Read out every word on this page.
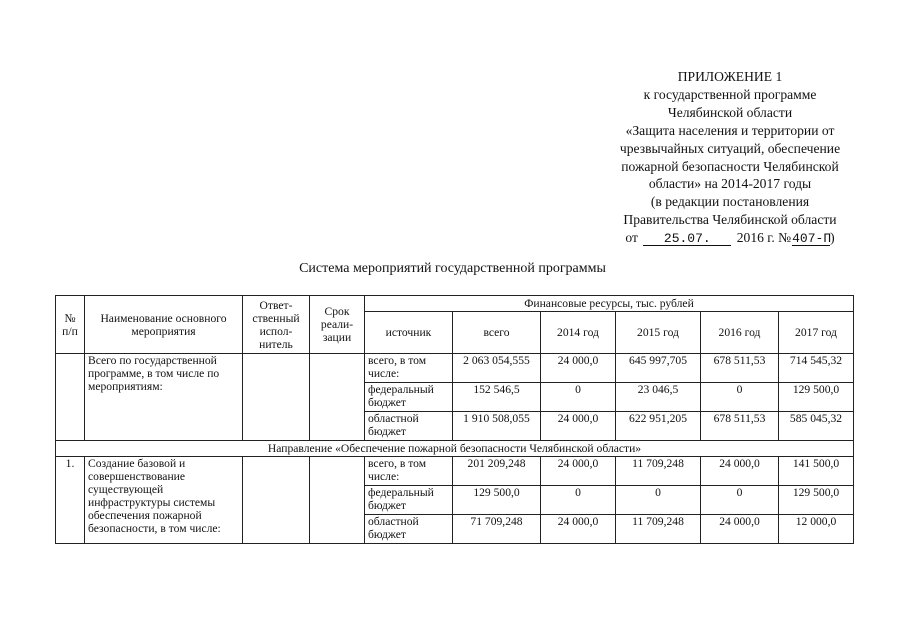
ПРИЛОЖЕНИЕ 1
к государственной программе
Челябинской области
«Защита населения и территории от
чрезвычайных ситуаций, обеспечение
пожарной безопасности Челябинской
области» на 2014-2017 годы
(в редакции постановления
Правительства Челябинской области
от 25.07. 2016 г. №407-П)
Система мероприятий государственной программы
№ п/п	Наименование основного мероприятия	Ответ-ственный испол-нитель	Срок реали-зации	Финансовые ресурсы, тыс. рублей					
				источник	всего	2014 год	2015 год	2016 год	2017 год
	Всего по государственной программе, в том числе по мероприятиям:			всего, в том числе:	2 063 054,555	24 000,0	645 997,705	678 511,53	714 545,32
				федеральный бюджет	152 546,5	0	23 046,5	0	129 500,0
				областной бюджет	1 910 508,055	24 000,0	622 951,205	678 511,53	585 045,32
Направление «Обеспечение пожарной безопасности Челябинской области»									
1.	Создание базовой и совершенствование существующей инфраструктуры системы обеспечения пожарной безопасности, в том числе:			всего, в том числе:	201 209,248	24 000,0	11 709,248	24 000,0	141 500,0
				федеральный бюджет	129 500,0	0	0	0	129 500,0
				областной бюджет	71 709,248	24 000,0	11 709,248	24 000,0	12 000,0
